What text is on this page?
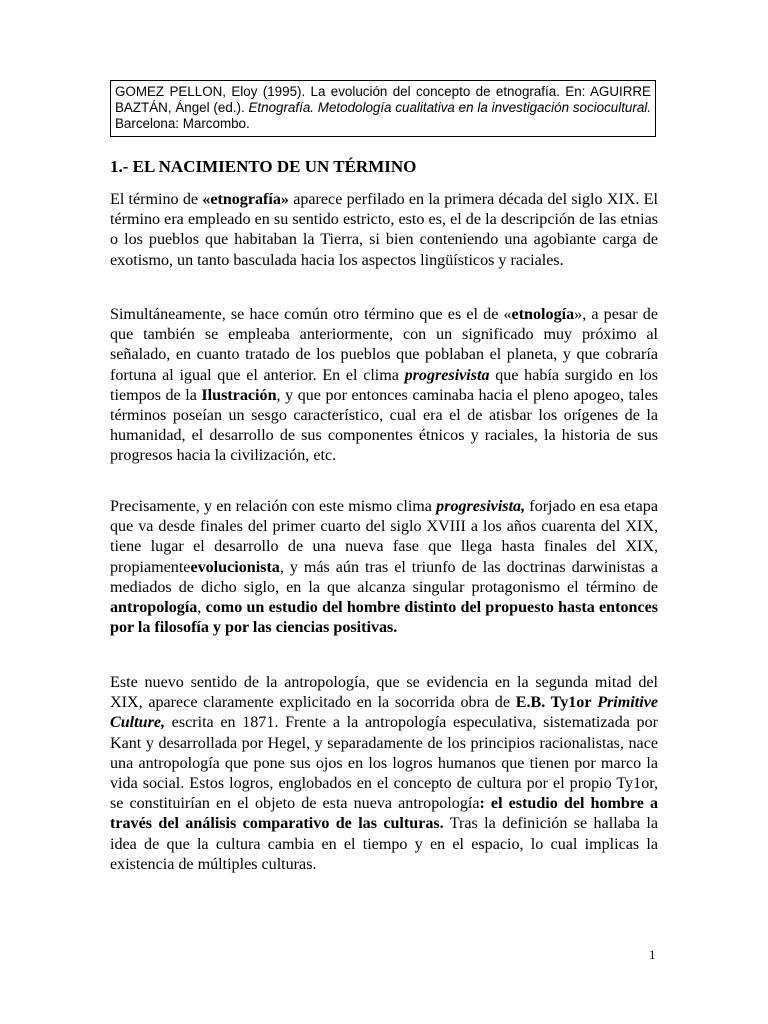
GOMEZ PELLON, Eloy (1995). La evolución del concepto de etnografía. En: AGUIRRE BAZTÁN, Ángel (ed.). Etnografía. Metodología cualitativa en la investigación sociocultural. Barcelona: Marcombo.
1.- EL NACIMIENTO DE UN TÉRMINO

El término de «etnografía» aparece perfilado en la primera década del siglo XIX. El término era empleado en su sentido estricto, esto es, el de la descripción de las etnias o los pueblos que habitaban la Tierra, si bien conteniendo una agobiante carga de exotismo, un tanto basculada hacia los aspectos lingüísticos y raciales.

Simultáneamente, se hace común otro término que es el de «etnología», a pesar de que también se empleaba anteriormente, con un significado muy próximo al señalado, en cuanto tratado de los pueblos que poblaban el planeta, y que cobraría fortuna al igual que el anterior. En el clima progresivista que había surgido en los tiempos de la Ilustración, y que por entonces caminaba hacia el pleno apogeo, tales términos poseían un sesgo característico, cual era el de atisbar los orígenes de la humanidad, el desarrollo de sus componentes étnicos y raciales, la historia de sus progresos hacia la civilización, etc.

Precisamente, y en relación con este mismo clima progresivista, forjado en esa etapa que va desde finales del primer cuarto del siglo XVIII a los años cuarenta del XIX, tiene lugar el desarrollo de una nueva fase que llega hasta finales del XIX, propiamenteevolucionista, y más aún tras el triunfo de las doctrinas darwinistas a mediados de dicho siglo, en la que alcanza singular protagonismo el término de antropología, como un estudio del hombre distinto del propuesto hasta entonces por la filosofía y por las ciencias positivas.

Este nuevo sentido de la antropología, que se evidencia en la segunda mitad del XIX, aparece claramente explicitado en la socorrida obra de E.B. Ty1or Primitive Culture, escrita en 1871. Frente a la antropología especulativa, sistematizada por Kant y desarrollada por Hegel, y separadamente de los principios racionalistas, nace una antropología que pone sus ojos en los logros humanos que tienen por marco la vida social. Estos logros, englobados en el concepto de cultura por el propio Ty1or, se constituirían en el objeto de esta nueva antropología: el estudio del hombre a través del análisis comparativo de las culturas. Tras la definición se hallaba la idea de que la cultura cambia en el tiempo y en el espacio, lo cual implicas la existencia de múltiples culturas.

1
